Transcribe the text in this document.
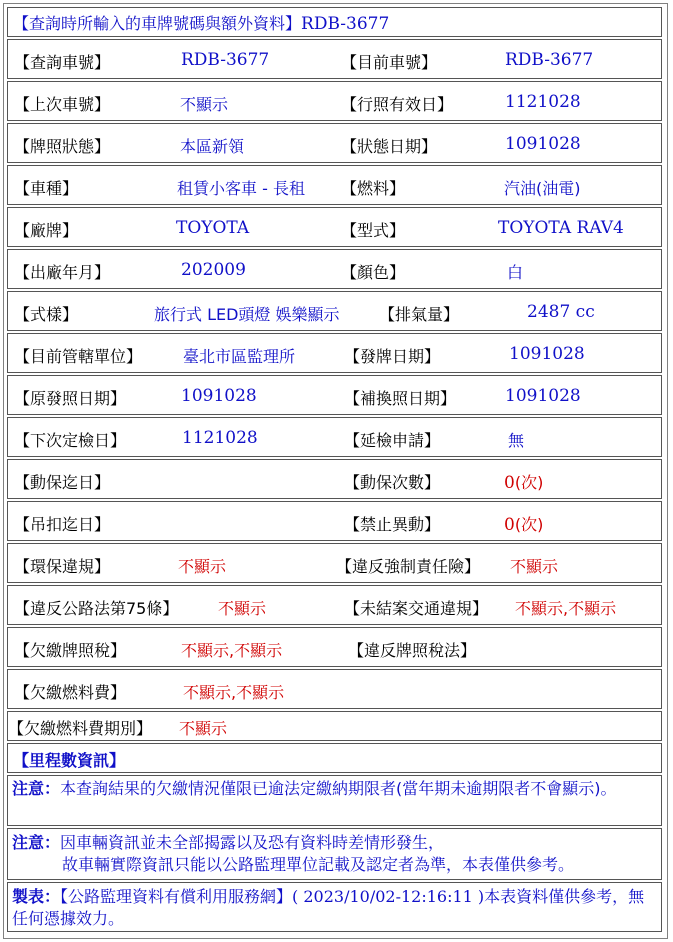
【查詢時所輸入的車牌號碼與額外資料】RDB-3677
【查詢車號】	RDB-3677	【目前車號】	RDB-3677
【上次車號】	不顯示	【行照有效日】	1121028
【牌照狀態】	本區新領	【狀態日期】	1091028
【車種】	租賃小客車 - 長租 【燃料】	汽油(油電)
【廠牌】	TOYOTA	【型式】	TOYOTA RAV4
【出廠年月】	202009	【顏色】	白
【式樣】	旅行式 LED頭燈 娛樂顯示 【排氣量】	2487 cc
【目前管轄單位】	臺北市區監理所	【發牌日期】	1091028
【原發照日期】	1091028	【補換照日期】	1091028
【下次定檢日】	1121028	【延檢申請】	無
【動保迄日】	【動保次數】	0(次)
【吊扣迄日】	【禁止異動】	0(次)
【環保違規】	不顯示	【違反強制責任險】 不顯示
【違反公路法第75條】 不顯示	【未結案交通違規】 不顯示,不顯示
【欠繳牌照稅】	不顯示,不顯示	【違反牌照稅法】
【欠繳燃料費】	不顯示,不顯示
【欠繳燃料費期別】 不顯示
【里程數資訊】
注意：本查詢結果的欠繳情況僅限已逾法定繳納期限者(當年期未逾期限者不會顯示)。
注意：因車輛資訊並未全部揭露以及恐有資料時差情形發生，
故車輛實際資訊只能以公路監理單位記載及認定者為準，本表僅供參考。
製表：【公路監理資料有償利用服務網】( 2023/10/02-12:16:11 )本表資料僅供參考，無任何憑據效力。
